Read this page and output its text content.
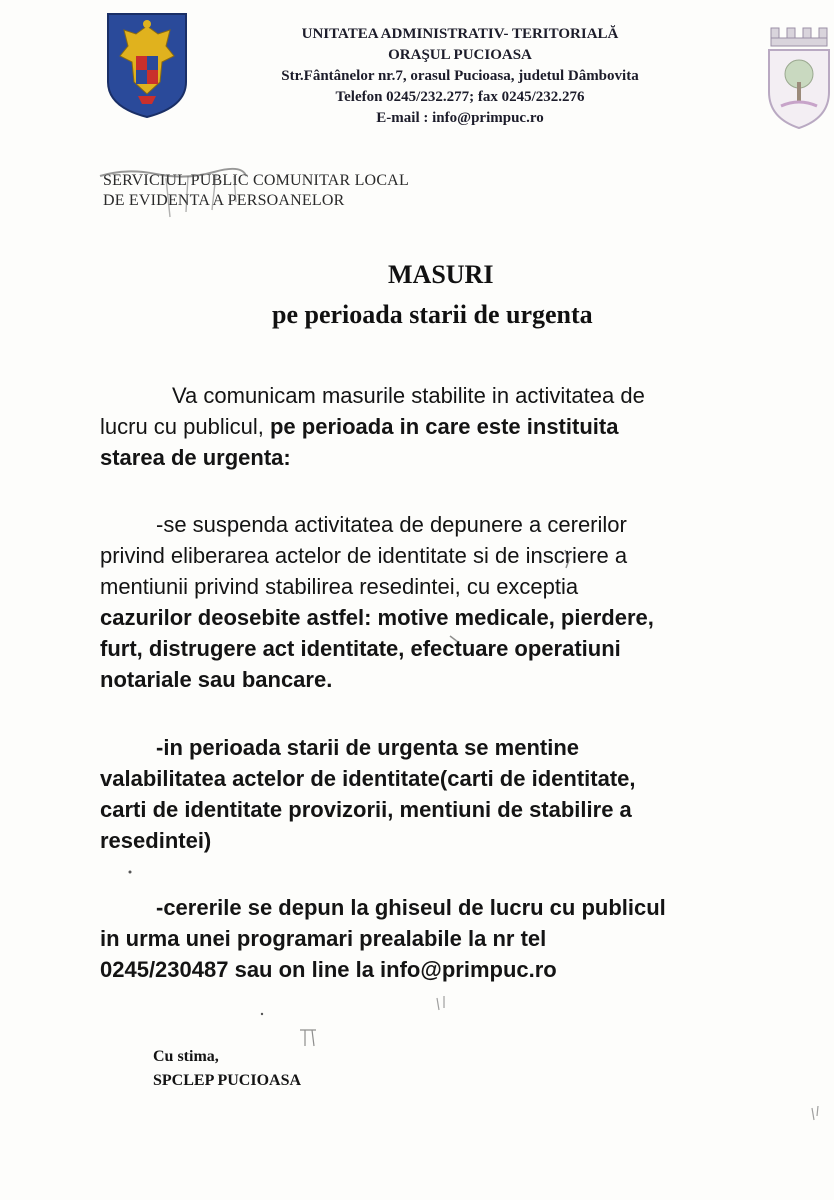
UNITATEA ADMINISTRATIV- TERITORIALĂ
ORAŞUL PUCIOASA
Str.Fântânelor nr.7, orasul Pucioasa, judetul Dâmbovita
Telefon 0245/232.277; fax 0245/232.276
E-mail : info@primpuc.ro
SERVICIUL PUBLIC COMUNITAR LOCAL
DE EVIDENTA A PERSOANELOR
MASURI
pe perioada starii de urgenta
Va comunicam masurile stabilite in activitatea de
lucru cu publicul, pe perioada in care este instituita
starea de urgenta:
-se suspenda activitatea de depunere a cererilor
privind eliberarea actelor de identitate si de inscriere a
mentiunii privind stabilirea resedintei, cu exceptia
cazurilor deosebite astfel: motive medicale, pierdere,
furt, distrugere act identitate, efectuare operatiuni
notariale sau bancare.
-in perioada starii de urgenta se mentine
valabilitatea actelor de identitate(carti de identitate,
carti de identitate provizorii, mentiuni de stabilire a
resedintei)
-cererile se depun la ghiseul de lucru cu publicul
in urma unei programari prealabile la nr tel
0245/230487 sau on line la info@primpuc.ro
Cu stima,
SPCLEP PUCIOASA
